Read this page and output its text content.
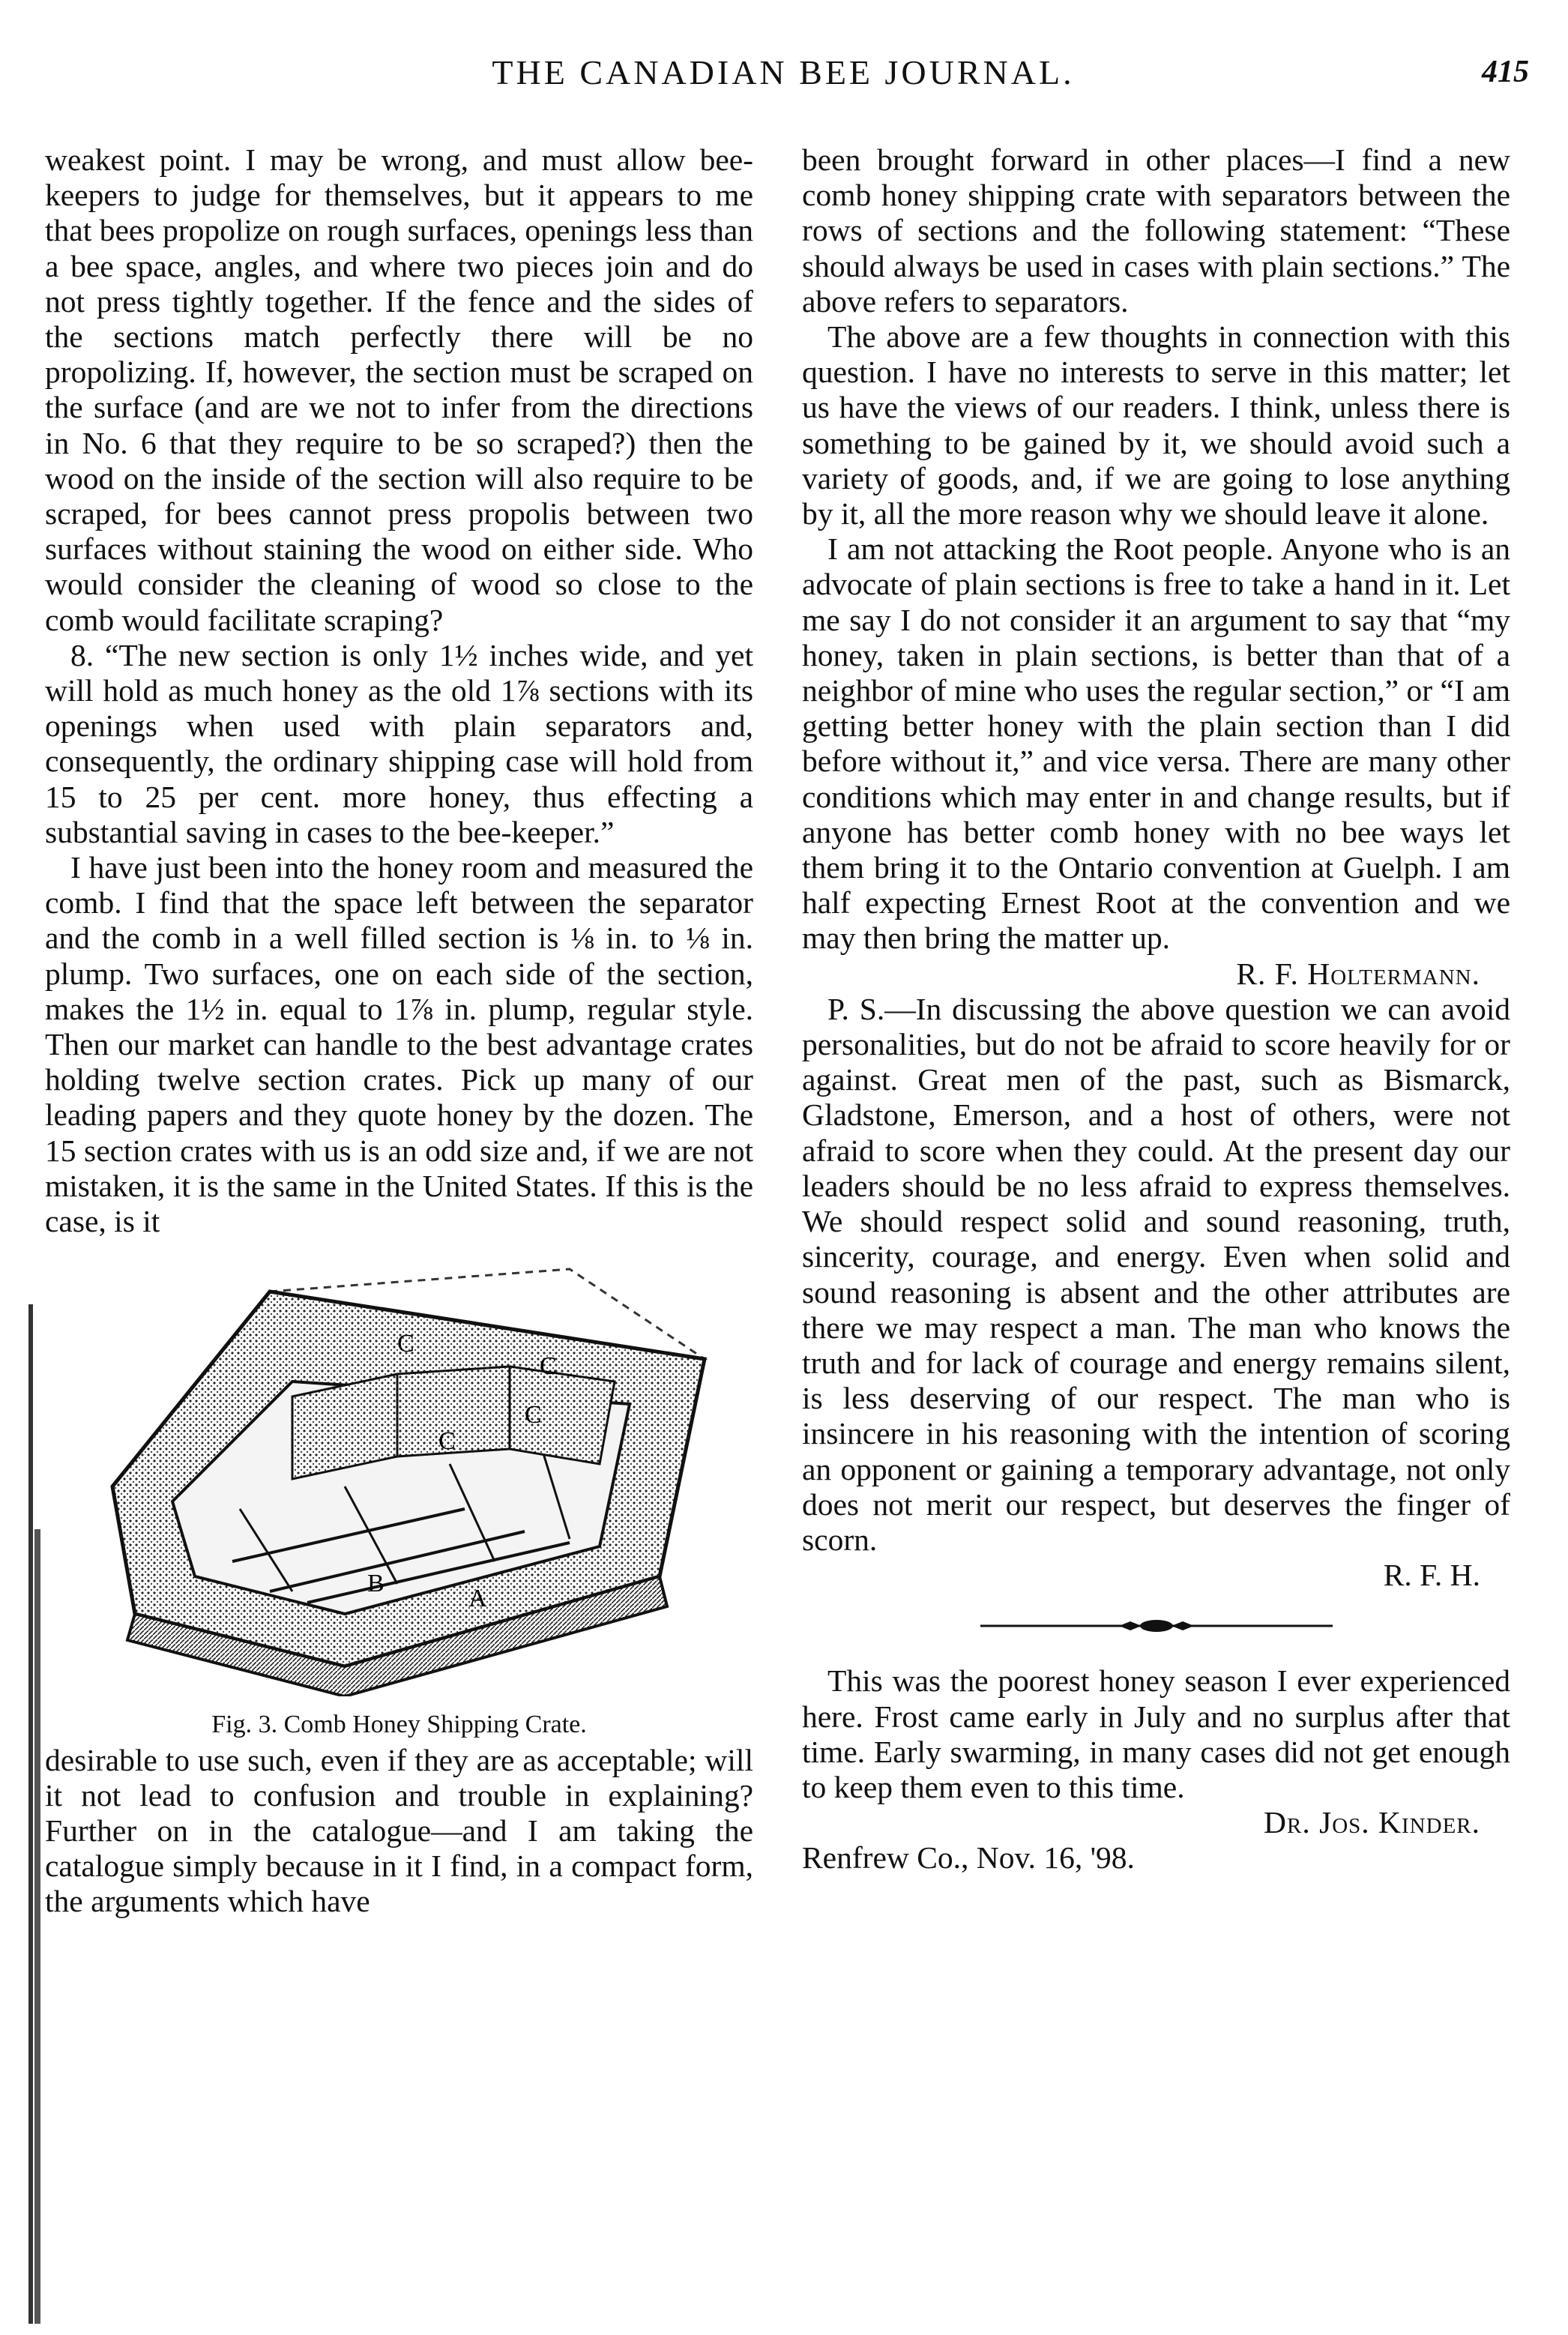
THE CANADIAN BEE JOURNAL.	415

weakest point. I may be wrong, and must allow bee-keepers to judge for themselves, but it appears to me that bees propolize on rough surfaces, openings less than a bee space, angles, and where two pieces join and do not press tightly together. If the fence and the sides of the sections match perfectly there will be no propolizing. If, however, the section must be scraped on the surface (and are we not to infer from the directions in No. 6 that they require to be so scraped?) then the wood on the inside of the section will also require to be scraped, for bees cannot press propolis between two surfaces without staining the wood on either side. Who would consider the cleaning of wood so close to the comb would facilitate scraping?

8. “The new section is only 1½ inches wide, and yet will hold as much honey as the old 1⅞ sections with its openings when used with plain separators and, consequently, the ordinary shipping case will hold from 15 to 25 per cent. more honey, thus effecting a substantial saving in cases to the bee-keeper.”

I have just been into the honey room and measured the comb. I find that the space left between the separator and the comb in a well filled section is ⅛ in. to ⅛ in. plump. Two surfaces, one on each side of the section, makes the 1½ in. equal to 1⅞ in. plump, regular style. Then our market can handle to the best advantage crates holding twelve section crates. Pick up many of our leading papers and they quote honey by the dozen. The 15 section crates with us is an odd size and, if we are not mistaken, it is the same in the United States. If this is the case, is it

C
C
C
C
B
A

Fig. 3. Comb Honey Shipping Crate.

desirable to use such, even if they are as acceptable; will it not lead to confusion and trouble in explaining? Further on in the catalogue—and I am taking the catalogue simply because in it I find, in a compact form, the arguments which have

been brought forward in other places—I find a new comb honey shipping crate with separators between the rows of sections and the following statement: “These should always be used in cases with plain sections.” The above refers to separators.

The above are a few thoughts in connection with this question. I have no interests to serve in this matter; let us have the views of our readers. I think, unless there is something to be gained by it, we should avoid such a variety of goods, and, if we are going to lose anything by it, all the more reason why we should leave it alone.

I am not attacking the Root people. Anyone who is an advocate of plain sections is free to take a hand in it. Let me say I do not consider it an argument to say that “my honey, taken in plain sections, is better than that of a neighbor of mine who uses the regular section,” or “I am getting better honey with the plain section than I did before without it,” and vice versa. There are many other conditions which may enter in and change results, but if anyone has better comb honey with no bee ways let them bring it to the Ontario convention at Guelph. I am half expecting Ernest Root at the convention and we may then bring the matter up.

R. F. Holtermann.

P. S.—In discussing the above question we can avoid personalities, but do not be afraid to score heavily for or against. Great men of the past, such as Bismarck, Gladstone, Emerson, and a host of others, were not afraid to score when they could. At the present day our leaders should be no less afraid to express themselves. We should respect solid and sound reasoning, truth, sincerity, courage, and energy. Even when solid and sound reasoning is absent and the other attributes are there we may respect a man. The man who knows the truth and for lack of courage and energy remains silent, is less deserving of our respect. The man who is insincere in his reasoning with the intention of scoring an opponent or gaining a temporary advantage, not only does not merit our respect, but deserves the finger of scorn.

R. F. H.

This was the poorest honey season I ever experienced here. Frost came early in July and no surplus after that time. Early swarming, in many cases did not get enough to keep them even to this time.

Dr. Jos. Kinder.

Renfrew Co., Nov. 16, '98.
